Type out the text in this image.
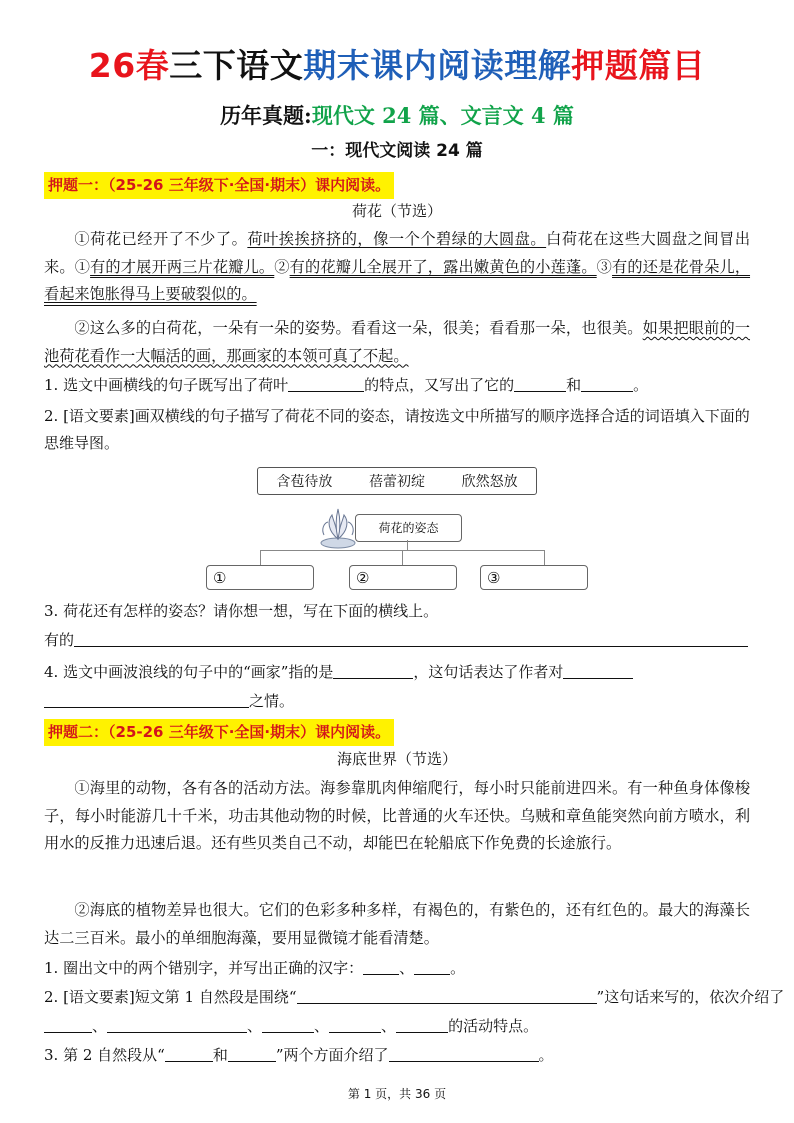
26春三下语文期末课内阅读理解押题篇目
历年真题:现代文 24 篇、文言文 4 篇
一：现代文阅读 24 篇
押题一：（25-26 三年级下·全国·期末）课内阅读。
荷花（节选）
①荷花已经开了不少了。荷叶挨挨挤挤的，像一个个碧绿的大圆盘。白荷花在这些大圆盘之间冒出来。①有的才展开两三片花瓣儿。②有的花瓣儿全展开了，露出嫩黄色的小莲蓬。③有的还是花骨朵儿，看起来饱胀得马上要破裂似的。
②这么多的白荷花，一朵有一朵的姿势。看看这一朵，很美；看看那一朵，也很美。如果把眼前的一池荷花看作一大幅活的画，那画家的本领可真了不起。
1. 选文中画横线的句子既写出了荷叶	的特点，又写出了它的	和	。
2. [语文要素]画双横线的句子描写了荷花不同的姿态，请按选文中所描写的顺序选择合适的词语填入下面的思维导图。
含苞待放	蓓蕾初绽	欣然怒放
荷花的姿态
①	②	③
3. 荷花还有怎样的姿态？请你想一想，写在下面的横线上。
有的
4. 选文中画波浪线的句子中的“画家”指的是	，这句话表达了作者对
之情。
押题二：（25-26 三年级下·全国·期末）课内阅读。
海底世界（节选）
①海里的动物，各有各的活动方法。海参靠肌肉伸缩爬行，每小时只能前进四米。有一种鱼身体像梭子，每小时能游几十千米，功击其他动物的时候，比普通的火车还快。乌贼和章鱼能突然向前方喷水，利用水的反推力迅速后退。还有些贝类自己不动，却能巴在轮船底下作免费的长途旅行。
②海底的植物差异也很大。它们的色彩多种多样，有褐色的，有紫色的，还有红色的。最大的海藻长达二三百米。最小的单细胞海藻，要用显微镜才能看清楚。
1. 圈出文中的两个错别字，并写出正确的汉字： 、 。
2. [语文要素]短文第 1 自然段是围绕“	”这句话来写的，依次介绍了
、	、	、	、	的活动特点。
3. 第 2 自然段从“	和	”两个方面介绍了	。
第 1 页，共 36 页
